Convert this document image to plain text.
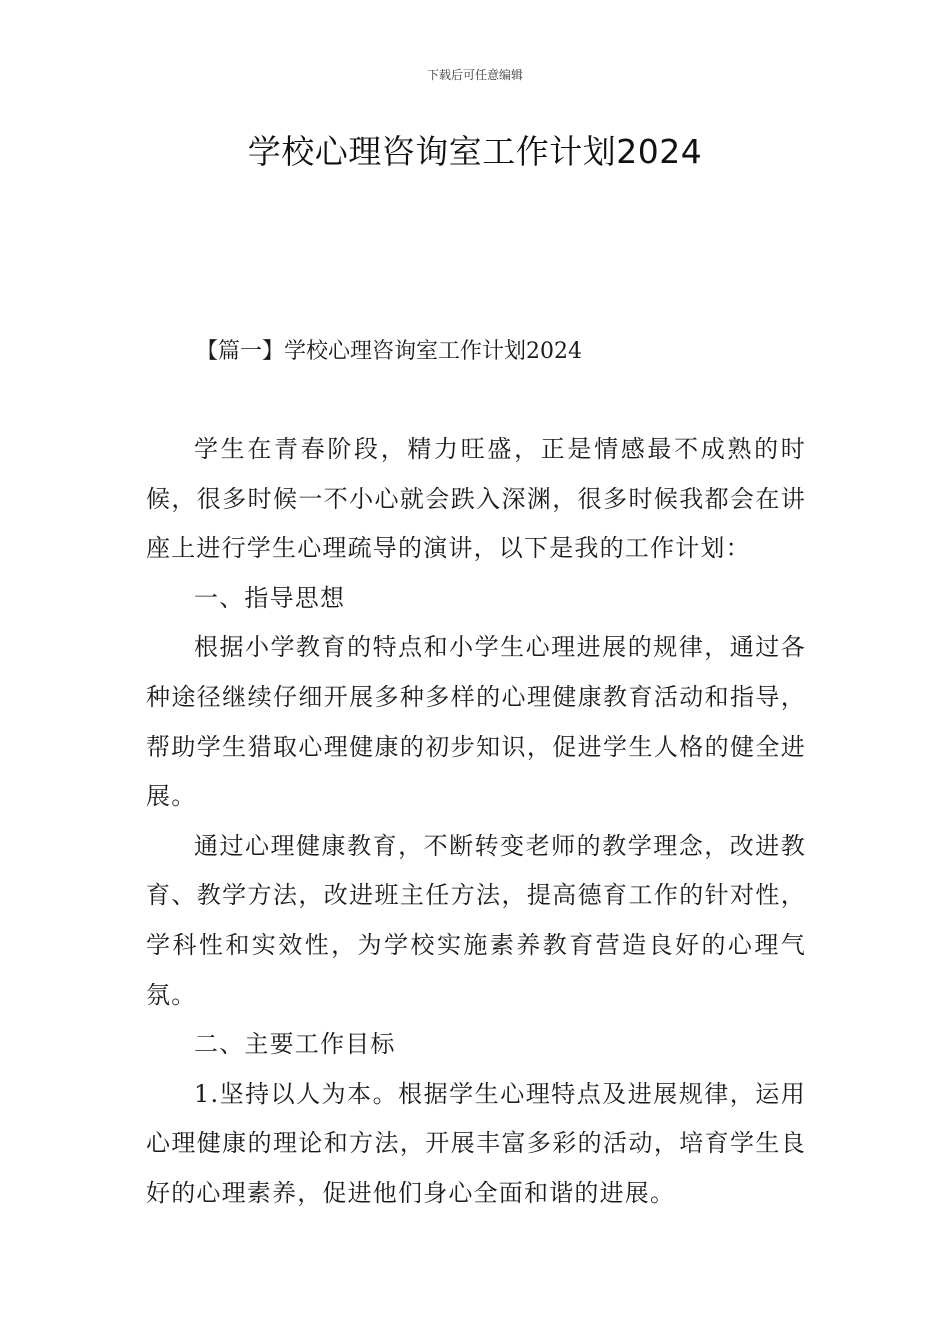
下载后可任意编辑
学校心理咨询室工作计划2024
【篇一】学校心理咨询室工作计划2024

学生在青春阶段，精力旺盛，正是情感最不成熟的时候，很多时候一不小心就会跌入深渊，很多时候我都会在讲座上进行学生心理疏导的演讲，以下是我的工作计划：

一、指导思想

根据小学教育的特点和小学生心理进展的规律，通过各种途径继续仔细开展多种多样的心理健康教育活动和指导，帮助学生猎取心理健康的初步知识，促进学生人格的健全进展。

通过心理健康教育，不断转变老师的教学理念，改进教育、教学方法，改进班主任方法，提高德育工作的针对性，学科性和实效性，为学校实施素养教育营造良好的心理气氛。

二、主要工作目标

1.坚持以人为本。根据学生心理特点及进展规律，运用心理健康的理论和方法，开展丰富多彩的活动，培育学生良好的心理素养，促进他们身心全面和谐的进展。
